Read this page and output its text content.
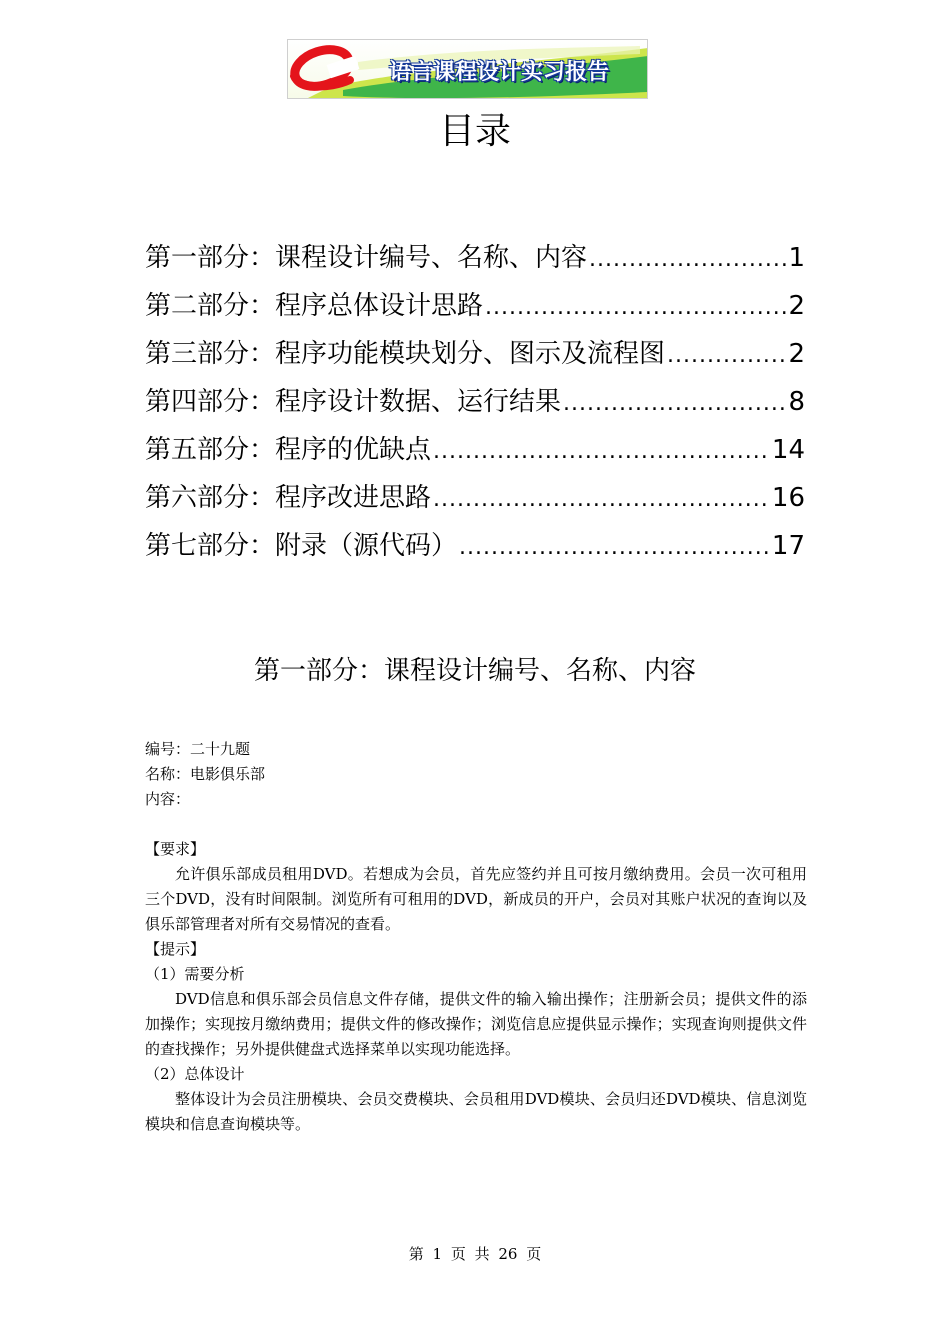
语言课程设计实习报告
目录
第一部分：课程设计编号、名称、内容 .....	1
第二部分：程序总体设计思路 .....	2
第三部分：程序功能模块划分、图示及流程图 .....	2
第四部分：程序设计数据、运行结果 .....	8
第五部分：程序的优缺点 .....	14
第六部分：程序改进思路 .....	16
第七部分：附录（源代码） .....	17
第一部分：课程设计编号、名称、内容

编号：二十九题

名称：电影俱乐部

内容：

【要求】

允许俱乐部成员租用DVD。若想成为会员，首先应签约并且可按月缴纳费用。会员一次可租用三个DVD，没有时间限制。浏览所有可租用的DVD，新成员的开户，会员对其账户状况的查询以及俱乐部管理者对所有交易情况的查看。

【提示】

（1）需要分析

DVD信息和俱乐部会员信息文件存储，提供文件的输入输出操作；注册新会员；提供文件的添加操作；实现按月缴纳费用；提供文件的修改操作；浏览信息应提供显示操作；实现查询则提供文件的查找操作；另外提供健盘式选择菜单以实现功能选择。

（2）总体设计

整体设计为会员注册模块、会员交费模块、会员租用DVD模块、会员归还DVD模块、信息浏览模块和信息查询模块等。

第 1 页 共 26 页
